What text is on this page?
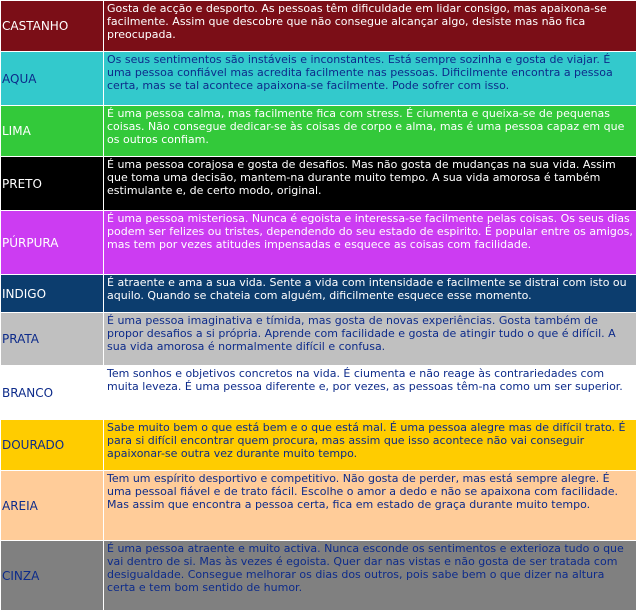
CASTANHO	Gosta de acção e desporto. As pessoas têm dificuldade em lidar consigo, mas apaixona-se facilmente. Assim que descobre que não consegue alcançar algo, desiste mas não fica preocupada.
AQUA	Os seus sentimentos são instáveis e inconstantes. Está sempre sozinha e gosta de viajar. É uma pessoa confiável mas acredita facilmente nas pessoas. Dificilmente encontra a pessoa certa, mas se tal acontece apaixona-se facilmente. Pode sofrer com isso.
LIMA	É uma pessoa calma, mas facilmente fica com stress. É ciumenta e queixa-se de pequenas coisas. Não consegue dedicar-se às coisas de corpo e alma, mas é uma pessoa capaz em que os outros confiam.
PRETO	É uma pessoa corajosa e gosta de desafios. Mas não gosta de mudanças na sua vida. Assim que toma uma decisão, mantem-na durante muito tempo. A sua vida amorosa é também estimulante e, de certo modo, original.
PÚRPURA	É uma pessoa misteriosa. Nunca é egoista e interessa-se facilmente pelas coisas. Os seus dias podem ser felizes ou tristes, dependendo do seu estado de espirito. É popular entre os amigos, mas tem por vezes atitudes impensadas e esquece as coisas com facilidade.
INDIGO	É atraente e ama a sua vida. Sente a vida com intensidade e facilmente se distrai com isto ou aquilo. Quando se chateia com alguém, dificilmente esquece esse momento.
PRATA	É uma pessoa imaginativa e tímida, mas gosta de novas experiências. Gosta também de propor desafios a si própria. Aprende com facilidade e gosta de atingir tudo o que é difícil. A sua vida amorosa é normalmente difícil e confusa.
BRANCO	Tem sonhos e objetivos concretos na vida. É ciumenta e não reage às contrariedades com muita leveza. É uma pessoa diferente e, por vezes, as pessoas têm-na como um ser superior.
DOURADO	Sabe muito bem o que está bem e o que está mal. É uma pessoa alegre mas de difícil trato. É para si difícil encontrar quem procura, mas assim que isso acontece não vai conseguir apaixonar-se outra vez durante muito tempo.
AREIA	Tem um espírito desportivo e competitivo. Não gosta de perder, mas está sempre alegre. É uma pessoal fiável e de trato fácil. Escolhe o amor a dedo e não se apaixona com facilidade. Mas assim que encontra a pessoa certa, fica em estado de graça durante muito tempo.
CINZA	É uma pessoa atraente e muito activa. Nunca esconde os sentimentos e exterioza tudo o que vai dentro de si. Mas às vezes é egoista. Quer dar nas vistas e não gosta de ser tratada com desigualdade. Consegue melhorar os dias dos outros, pois sabe bem o que dizer na altura certa e tem bom sentido de humor.
